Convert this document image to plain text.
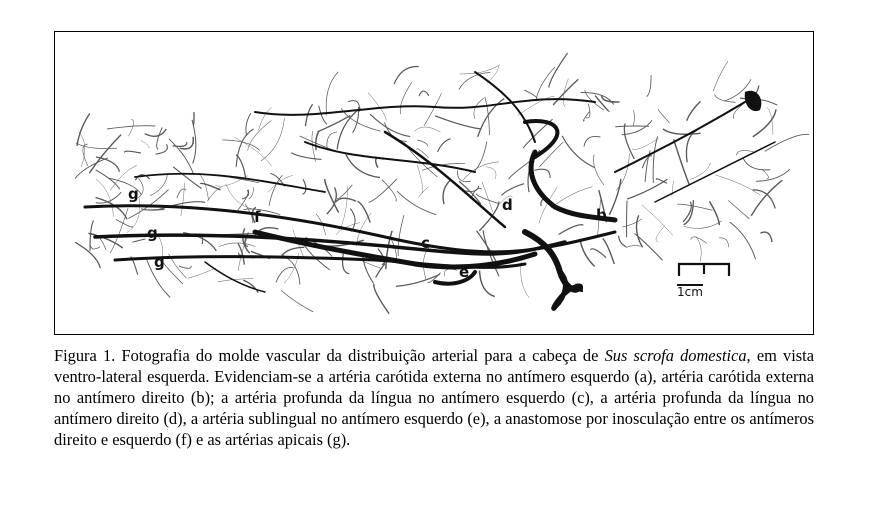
a
b
c
d
e
f
g
g
g
1cm
Figura 1. Fotografia do molde vascular da distribuição arterial para a cabeça de Sus scrofa domestica, em vista ventro-lateral esquerda. Evidenciam-se a artéria carótida externa no antímero esquerdo (a), artéria carótida externa no antímero direito (b); a artéria profunda da língua no antímero esquerdo (c), a artéria profunda da língua no antímero direito (d), a artéria sublingual no antímero esquerdo (e), a anastomose por inosculação entre os antímeros direito e esquerdo (f) e as artérias apicais (g).
